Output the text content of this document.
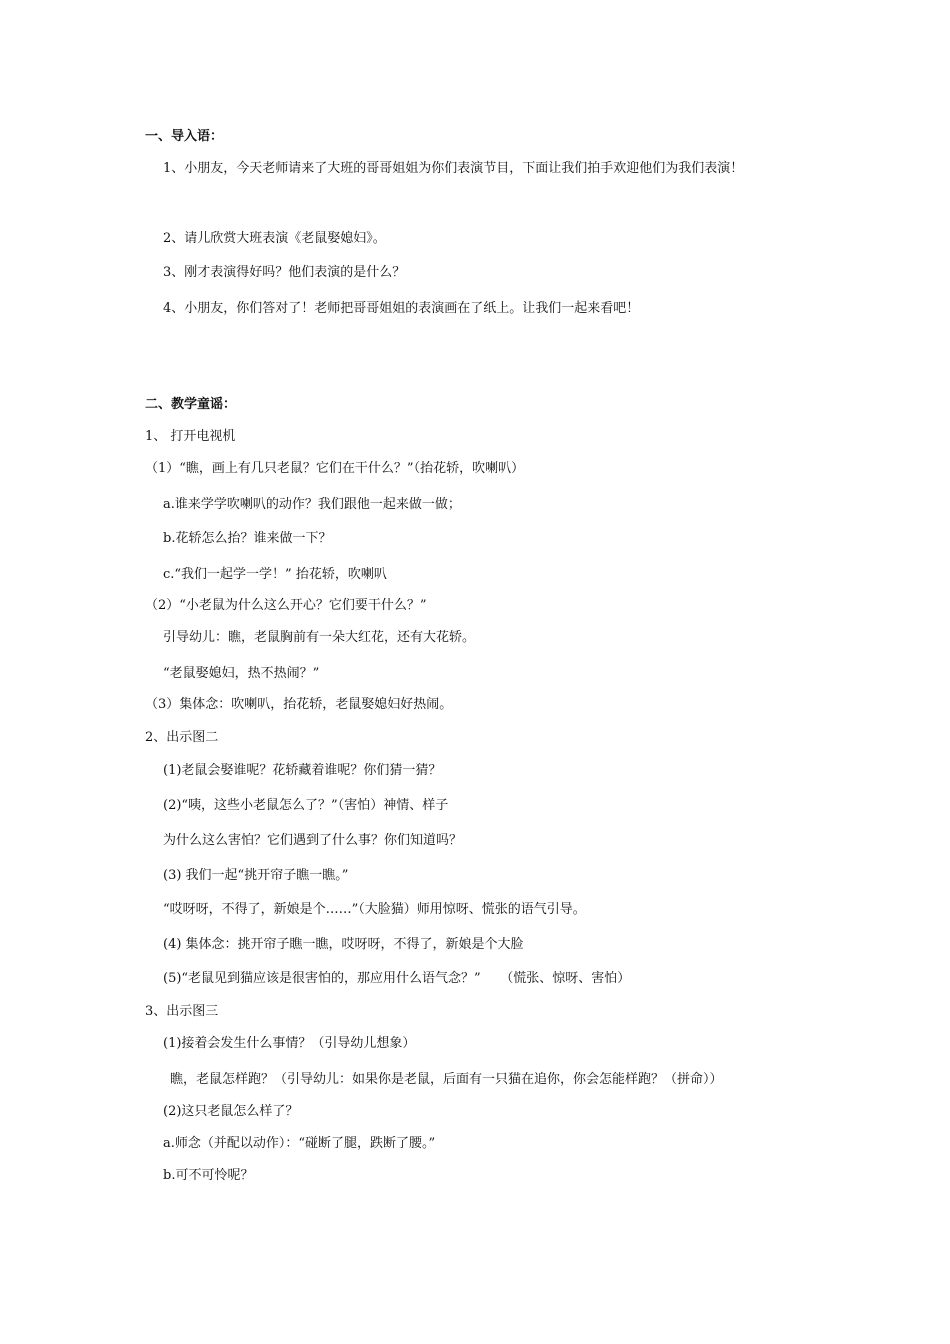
一、导入语：
1、小朋友，今天老师请来了大班的哥哥姐姐为你们表演节目，下面让我们拍手欢迎他们为我们表演！
2、请儿欣赏大班表演《老鼠娶媳妇》。
3、刚才表演得好吗？他们表演的是什么？
4、小朋友，你们答对了！老师把哥哥姐姐的表演画在了纸上。让我们一起来看吧！
二、教学童谣：
1、 打开电视机
（1）“瞧，画上有几只老鼠？它们在干什么？”（抬花轿，吹喇叭）
a.谁来学学吹喇叭的动作？我们跟他一起来做一做；
b.花轿怎么抬？谁来做一下？
c.“我们一起学一学！” 抬花轿，吹喇叭
（2）“小老鼠为什么这么开心？它们要干什么？”
引导幼儿：瞧，老鼠胸前有一朵大红花，还有大花轿。
“老鼠娶媳妇，热不热闹？”
（3）集体念：吹喇叭，抬花轿，老鼠娶媳妇好热闹。
2、出示图二
(1)老鼠会娶谁呢？花轿藏着谁呢？你们猜一猜？
(2)“咦，这些小老鼠怎么了？”（害怕）神情、样子
为什么这么害怕？它们遇到了什么事？你们知道吗？
(3) 我们一起“挑开帘子瞧一瞧。”
“哎呀呀，不得了，新娘是个……”（大脸猫）师用惊呀、慌张的语气引导。
(4) 集体念：挑开帘子瞧一瞧，哎呀呀，不得了，新娘是个大脸
(5)“老鼠见到猫应该是很害怕的，那应用什么语气念？”　　（慌张、惊呀、害怕）
3、出示图三
(1)接着会发生什么事情？（引导幼儿想象）
瞧，老鼠怎样跑？（引导幼儿：如果你是老鼠，后面有一只猫在追你，你会怎能样跑？（拼命））
(2)这只老鼠怎么样了？
a.师念（并配以动作）：“碰断了腿，跌断了腰。”
b.可不可怜呢？
